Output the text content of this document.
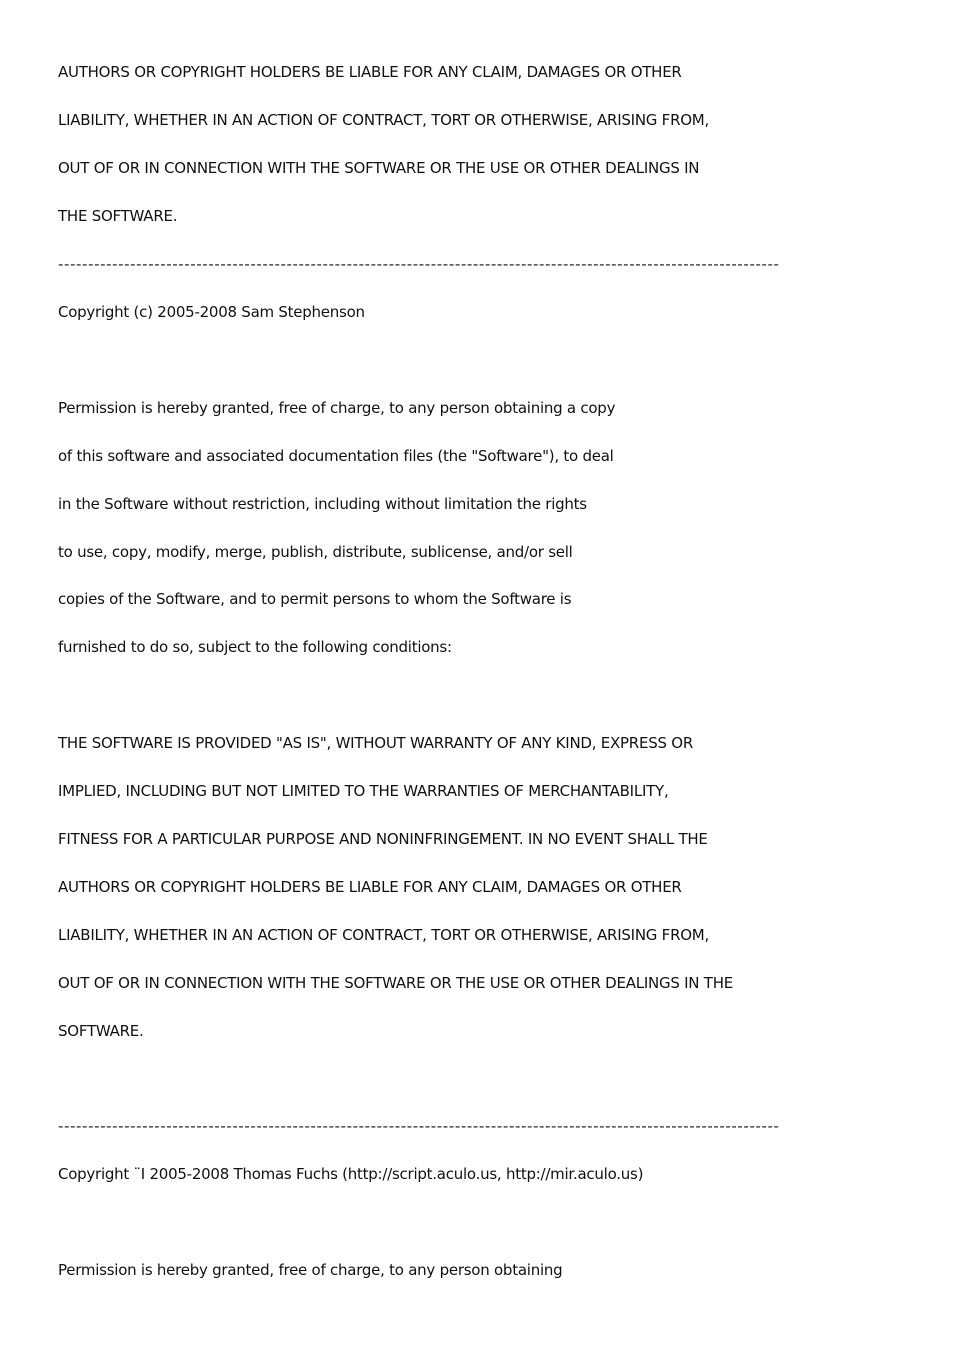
AUTHORS OR COPYRIGHT HOLDERS BE LIABLE FOR ANY CLAIM, DAMAGES OR OTHER
LIABILITY, WHETHER IN AN ACTION OF CONTRACT, TORT OR OTHERWISE, ARISING FROM,
OUT OF OR IN CONNECTION WITH THE SOFTWARE OR THE USE OR OTHER DEALINGS IN
THE SOFTWARE.
------------------------------------------------------------------------------------------------------------------------
Copyright (c) 2005-2008 Sam Stephenson
Permission is hereby granted, free of charge, to any person obtaining a copy
of this software and associated documentation files (the "Software"), to deal
in the Software without restriction, including without limitation the rights
to use, copy, modify, merge, publish, distribute, sublicense, and/or sell
copies of the Software, and to permit persons to whom the Software is
furnished to do so, subject to the following conditions:
THE SOFTWARE IS PROVIDED "AS IS", WITHOUT WARRANTY OF ANY KIND, EXPRESS OR
IMPLIED, INCLUDING BUT NOT LIMITED TO THE WARRANTIES OF MERCHANTABILITY,
FITNESS FOR A PARTICULAR PURPOSE AND NONINFRINGEMENT. IN NO EVENT SHALL THE
AUTHORS OR COPYRIGHT HOLDERS BE LIABLE FOR ANY CLAIM, DAMAGES OR OTHER
LIABILITY, WHETHER IN AN ACTION OF CONTRACT, TORT OR OTHERWISE, ARISING FROM,
OUT OF OR IN CONNECTION WITH THE SOFTWARE OR THE USE OR OTHER DEALINGS IN THE
SOFTWARE.
------------------------------------------------------------------------------------------------------------------------
Copyright ¨I 2005-2008 Thomas Fuchs (http://script.aculo.us, http://mir.aculo.us)
Permission is hereby granted, free of charge, to any person obtaining
